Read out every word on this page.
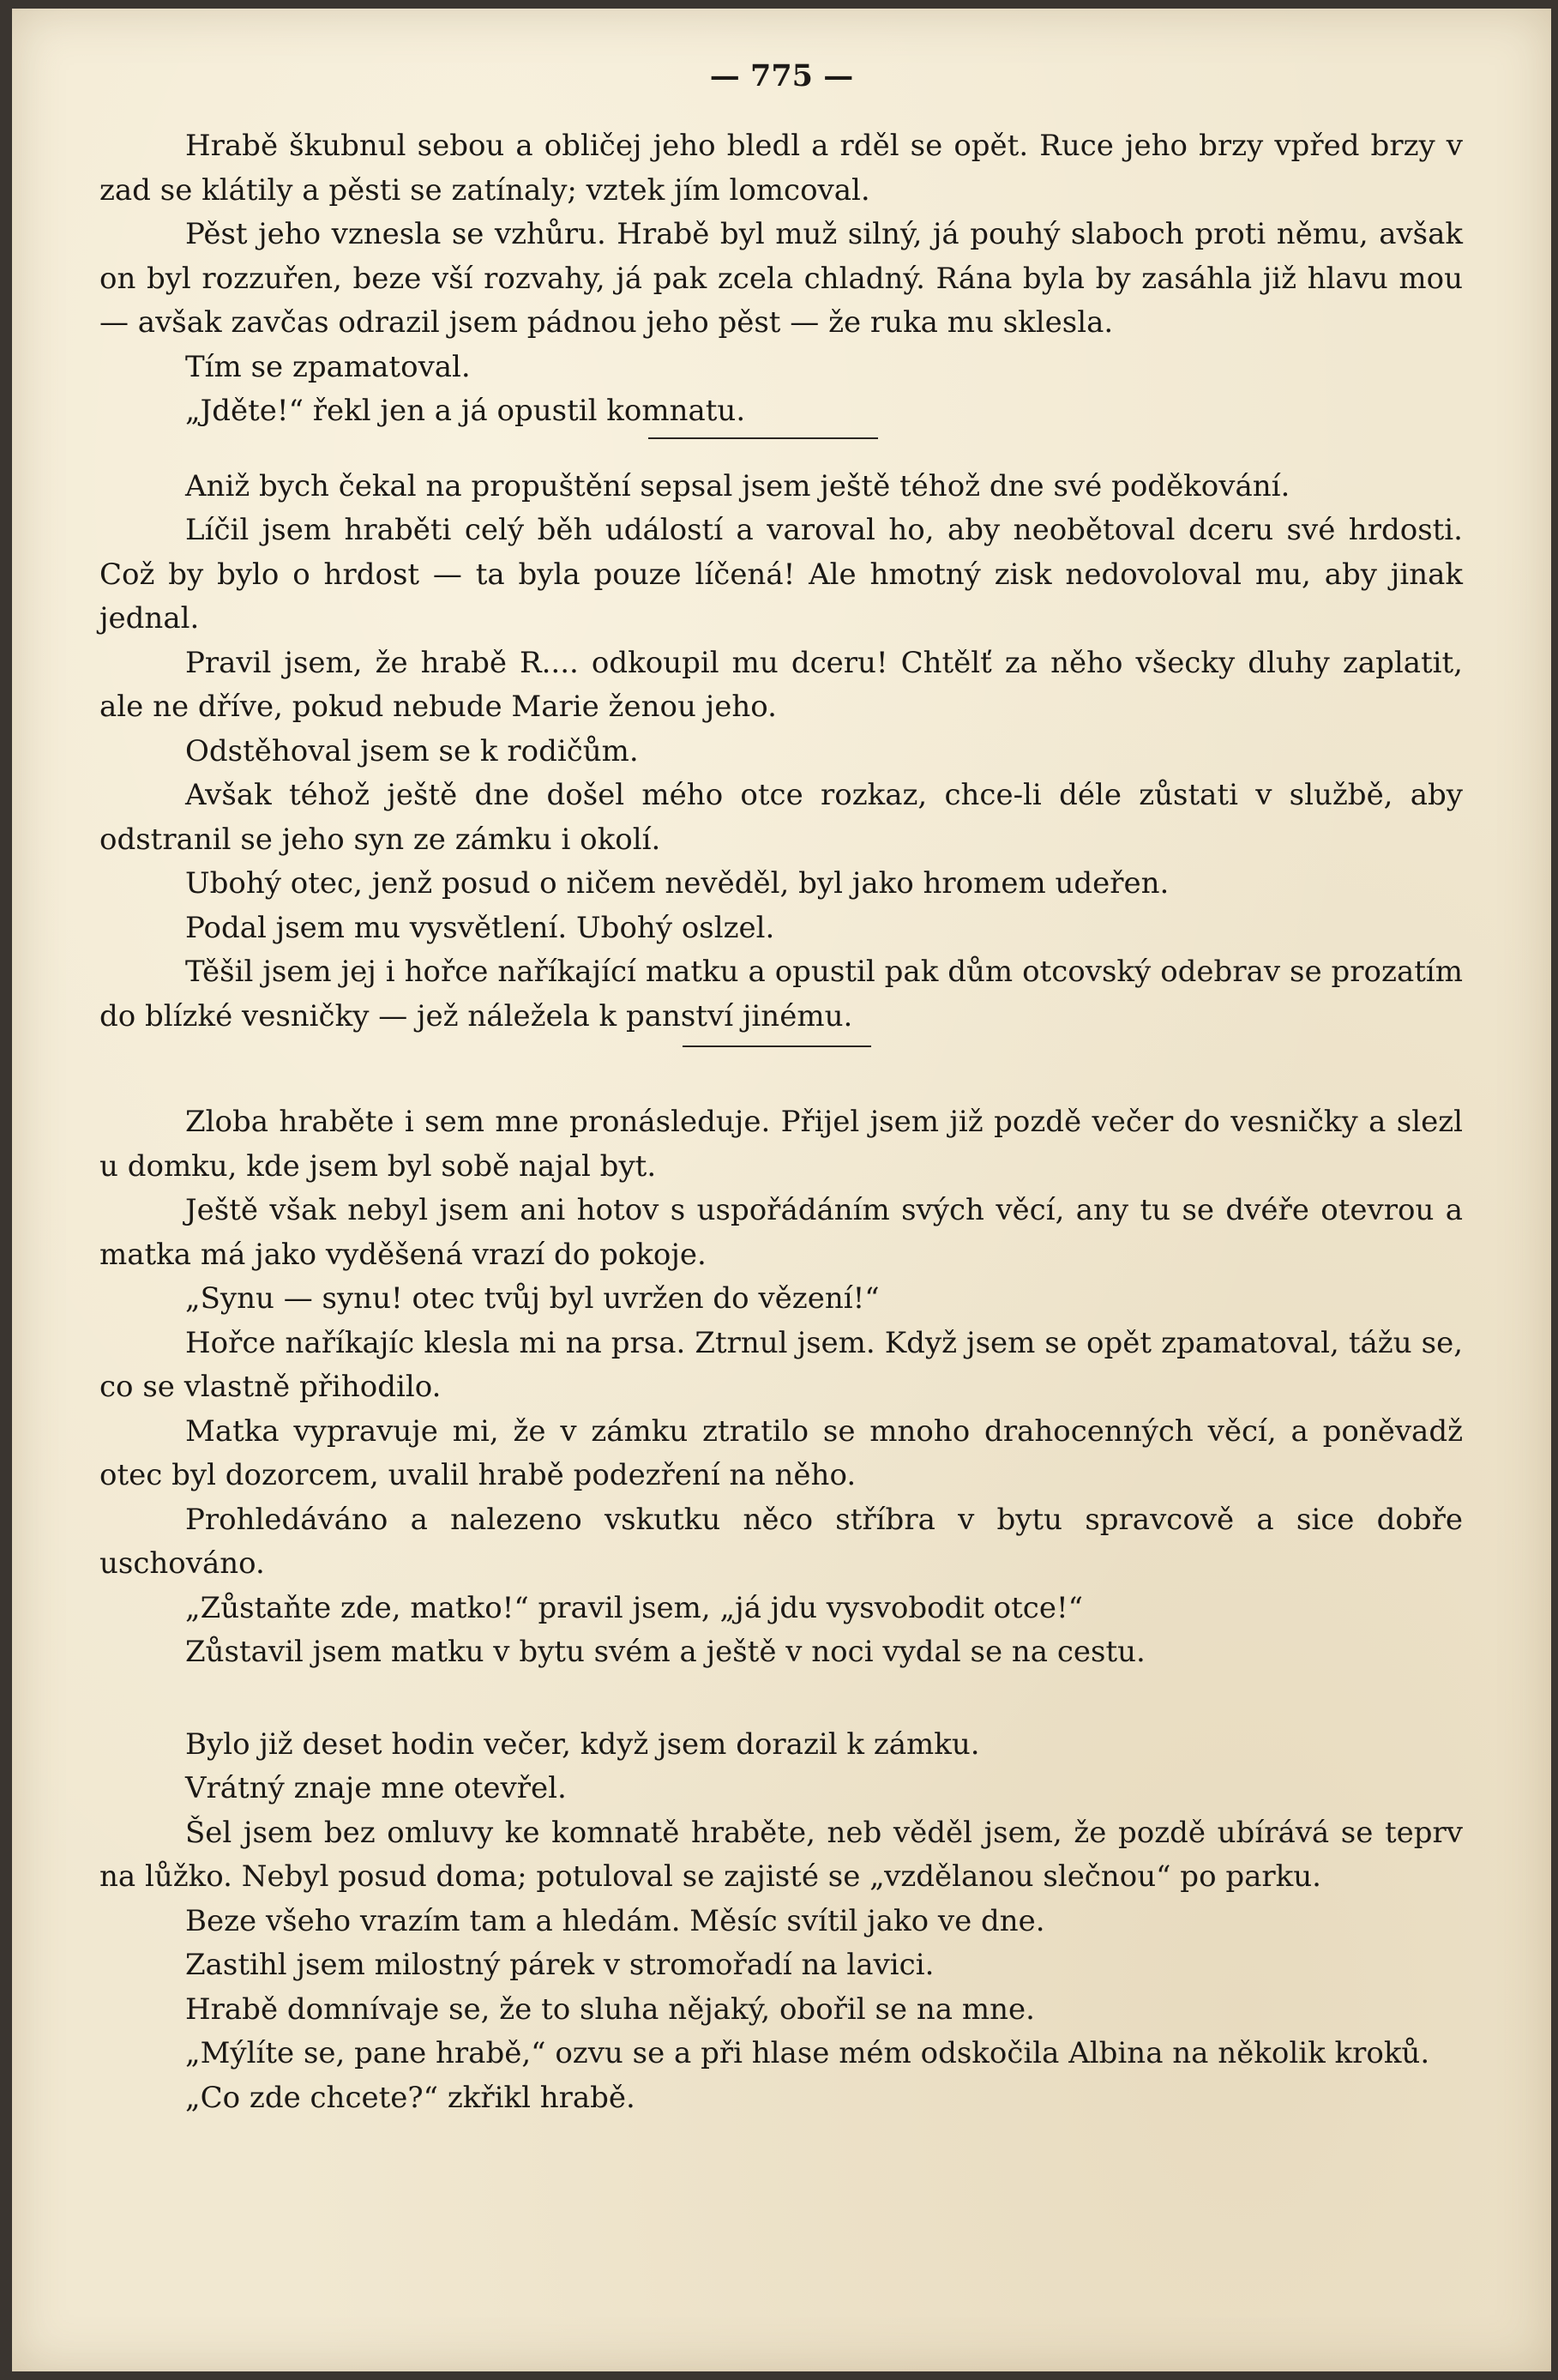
— 775 —

Hrabě škubnul sebou a obličej jeho bledl a rděl se opět. Ruce jeho brzy vpřed brzy v zad se klátily a pěsti se zatínaly; vztek jím lomcoval.

Pěst jeho vznesla se vzhůru. Hrabě byl muž silný, já pouhý slaboch proti němu, avšak on byl rozzuřen, beze vší rozvahy, já pak zcela chladný. Rána byla by zasáhla již hlavu mou — avšak zavčas odrazil jsem pádnou jeho pěst — že ruka mu sklesla.

Tím se zpamatoval.

„Jděte!“ řekl jen a já opustil komnatu.

Aniž bych čekal na propuštění sepsal jsem ještě téhož dne své poděkování.

Líčil jsem hraběti celý běh událostí a varoval ho, aby neobětoval dceru své hrdosti. Což by bylo o hrdost — ta byla pouze líčená! Ale hmotný zisk nedovoloval mu, aby jinak jednal.

Pravil jsem, že hrabě R.... odkoupil mu dceru! Chtělť za něho všecky dluhy zaplatit, ale ne dříve, pokud nebude Marie ženou jeho.

Odstěhoval jsem se k rodičům.

Avšak téhož ještě dne došel mého otce rozkaz, chce-li déle zůstati v službě, aby odstranil se jeho syn ze zámku i okolí.

Ubohý otec, jenž posud o ničem nevěděl, byl jako hromem udeřen.

Podal jsem mu vysvětlení. Ubohý oslzel.

Těšil jsem jej i hořce naříkající matku a opustil pak dům otcovský odebrav se prozatím do blízké vesničky — jež náležela k panství jinému.

Zloba hraběte i sem mne pronásleduje. Přijel jsem již pozdě večer do vesničky a slezl u domku, kde jsem byl sobě najal byt.

Ještě však nebyl jsem ani hotov s uspořádáním svých věcí, any tu se dvéře otevrou a matka má jako vyděšená vrazí do pokoje.

„Synu — synu! otec tvůj byl uvržen do vězení!“

Hořce naříkajíc klesla mi na prsa. Ztrnul jsem. Když jsem se opět zpamatoval, tážu se, co se vlastně přihodilo.

Matka vypravuje mi, že v zámku ztratilo se mnoho drahocenných věcí, a poněvadž otec byl dozorcem, uvalil hrabě podezření na něho.

Prohledáváno a nalezeno vskutku něco stříbra v bytu spravcově a sice dobře uschováno.

„Zůstaňte zde, matko!“ pravil jsem, „já jdu vysvobodit otce!“

Zůstavil jsem matku v bytu svém a ještě v noci vydal se na cestu.

Bylo již deset hodin večer, když jsem dorazil k zámku.

Vrátný znaje mne otevřel.

Šel jsem bez omluvy ke komnatě hraběte, neb věděl jsem, že pozdě ubírává se teprv na lůžko. Nebyl posud doma; potuloval se zajisté se „vzdělanou slečnou“ po parku.

Beze všeho vrazím tam a hledám. Měsíc svítil jako ve dne.

Zastihl jsem milostný párek v stromořadí na lavici.

Hrabě domnívaje se, že to sluha nějaký, obořil se na mne.

„Mýlíte se, pane hrabě,“ ozvu se a při hlase mém odskočila Albina na několik kroků.

„Co zde chcete?“ zkřikl hrabě.
